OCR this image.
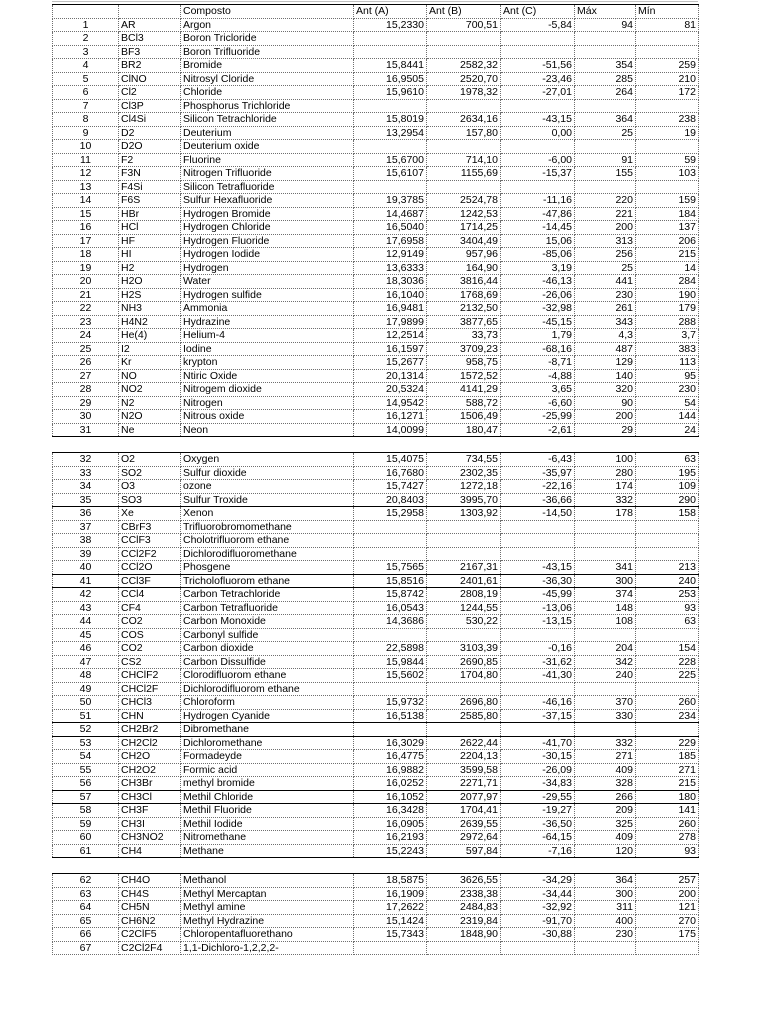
		Composto	Ant (A)	Ant (B)	Ant (C)	Máx	Mín
1	AR	Argon	15,2330	700,51	-5,84	94	81
2	BCl3	Boron Tricloride					
3	BF3	Boron Trifluoride					
4	BR2	Bromide	15,8441	2582,32	-51,56	354	259
5	ClNO	Nitrosyl Cloride	16,9505	2520,70	-23,46	285	210
6	Cl2	Chloride	15,9610	1978,32	-27,01	264	172
7	Cl3P	Phosphorus Trichloride					
8	Cl4Si	Silicon Tetrachloride	15,8019	2634,16	-43,15	364	238
9	D2	Deuterium	13,2954	157,80	0,00	25	19
10	D2O	Deuterium oxide					
11	F2	Fluorine	15,6700	714,10	-6,00	91	59
12	F3N	Nitrogen Trifluoride	15,6107	1155,69	-15,37	155	103
13	F4Si	Silicon Tetrafluoride					
14	F6S	Sulfur Hexafluoride	19,3785	2524,78	-11,16	220	159
15	HBr	Hydrogen Bromide	14,4687	1242,53	-47,86	221	184
16	HCl	Hydrogen Chloride	16,5040	1714,25	-14,45	200	137
17	HF	Hydrogen Fluoride	17,6958	3404,49	15,06	313	206
18	HI	Hydrogen Iodide	12,9149	957,96	-85,06	256	215
19	H2	Hydrogen	13,6333	164,90	3,19	25	14
20	H2O	Water	18,3036	3816,44	-46,13	441	284
21	H2S	Hydrogen sulfide	16,1040	1768,69	-26,06	230	190
22	NH3	Ammonia	16,9481	2132,50	-32,98	261	179
23	H4N2	Hydrazine	17,9899	3877,65	-45,15	343	288
24	He(4)	Helium-4	12,2514	33,73	1,79	4,3	3,7
25	I2	Iodine	16,1597	3709,23	-68,16	487	383
26	Kr	krypton	15,2677	958,75	-8,71	129	113
27	NO	Ntiric Oxide	20,1314	1572,52	-4,88	140	95
28	NO2	Nitrogem dioxide	20,5324	4141,29	3,65	320	230
29	N2	Nitrogen	14,9542	588,72	-6,60	90	54
30	N2O	Nitrous oxide	16,1271	1506,49	-25,99	200	144
31	Ne	Neon	14,0099	180,47	-2,61	29	24

32	O2	Oxygen	15,4075	734,55	-6,43	100	63
33	SO2	Sulfur dioxide	16,7680	2302,35	-35,97	280	195
34	O3	ozone	15,7427	1272,18	-22,16	174	109
35	SO3	Sulfur Troxide	20,8403	3995,70	-36,66	332	290
36	Xe	Xenon	15,2958	1303,92	-14,50	178	158
37	CBrF3	Trifluorobromomethane					
38	CClF3	Cholotrifluorom ethane					
39	CCl2F2	Dichlorodifluoromethane					
40	CCl2O	Phosgene	15,7565	2167,31	-43,15	341	213
41	CCl3F	Tricholofluorom ethane	15,8516	2401,61	-36,30	300	240
42	CCl4	Carbon Tetrachloride	15,8742	2808,19	-45,99	374	253
43	CF4	Carbon Tetrafluoride	16,0543	1244,55	-13,06	148	93
44	CO2	Carbon Monoxide	14,3686	530,22	-13,15	108	63
45	COS	Carbonyl sulfide					
46	CO2	Carbon dioxide	22,5898	3103,39	-0,16	204	154
47	CS2	Carbon Dissulfide	15,9844	2690,85	-31,62	342	228
48	CHClF2	Clorodifluorom ethane	15,5602	1704,80	-41,30	240	225
49	CHCl2F	Dichlorodifluorom ethane					
50	CHCl3	Chloroform	15,9732	2696,80	-46,16	370	260
51	CHN	Hydrogen Cyanide	16,5138	2585,80	-37,15	330	234
52	CH2Br2	Dibromethane					
53	CH2Cl2	Dichloromethane	16,3029	2622,44	-41,70	332	229
54	CH2O	Formadeyde	16,4775	2204,13	-30,15	271	185
55	CH2O2	Formic acid	16,9882	3599,58	-26,09	409	271
56	CH3Br	methyl bromide	16,0252	2271,71	-34,83	328	215
57	CH3Cl	Methil Chloride	16,1052	2077,97	-29,55	266	180
58	CH3F	Methil Fluoride	16,3428	1704,41	-19,27	209	141
59	CH3I	Methil Iodide	16,0905	2639,55	-36,50	325	260
60	CH3NO2	Nitromethane	16,2193	2972,64	-64,15	409	278
61	CH4	Methane	15,2243	597,84	-7,16	120	93

62	CH4O	Methanol	18,5875	3626,55	-34,29	364	257
63	CH4S	Methyl Mercaptan	16,1909	2338,38	-34,44	300	200
64	CH5N	Methyl amine	17,2622	2484,83	-32,92	311	121
65	CH6N2	Methyl Hydrazine	15,1424	2319,84	-91,70	400	270
66	C2ClF5	Chloropentafluorethano	15,7343	1848,90	-30,88	230	175
67	C2Cl2F4	1,1-Dichloro-1,2,2,2-					
